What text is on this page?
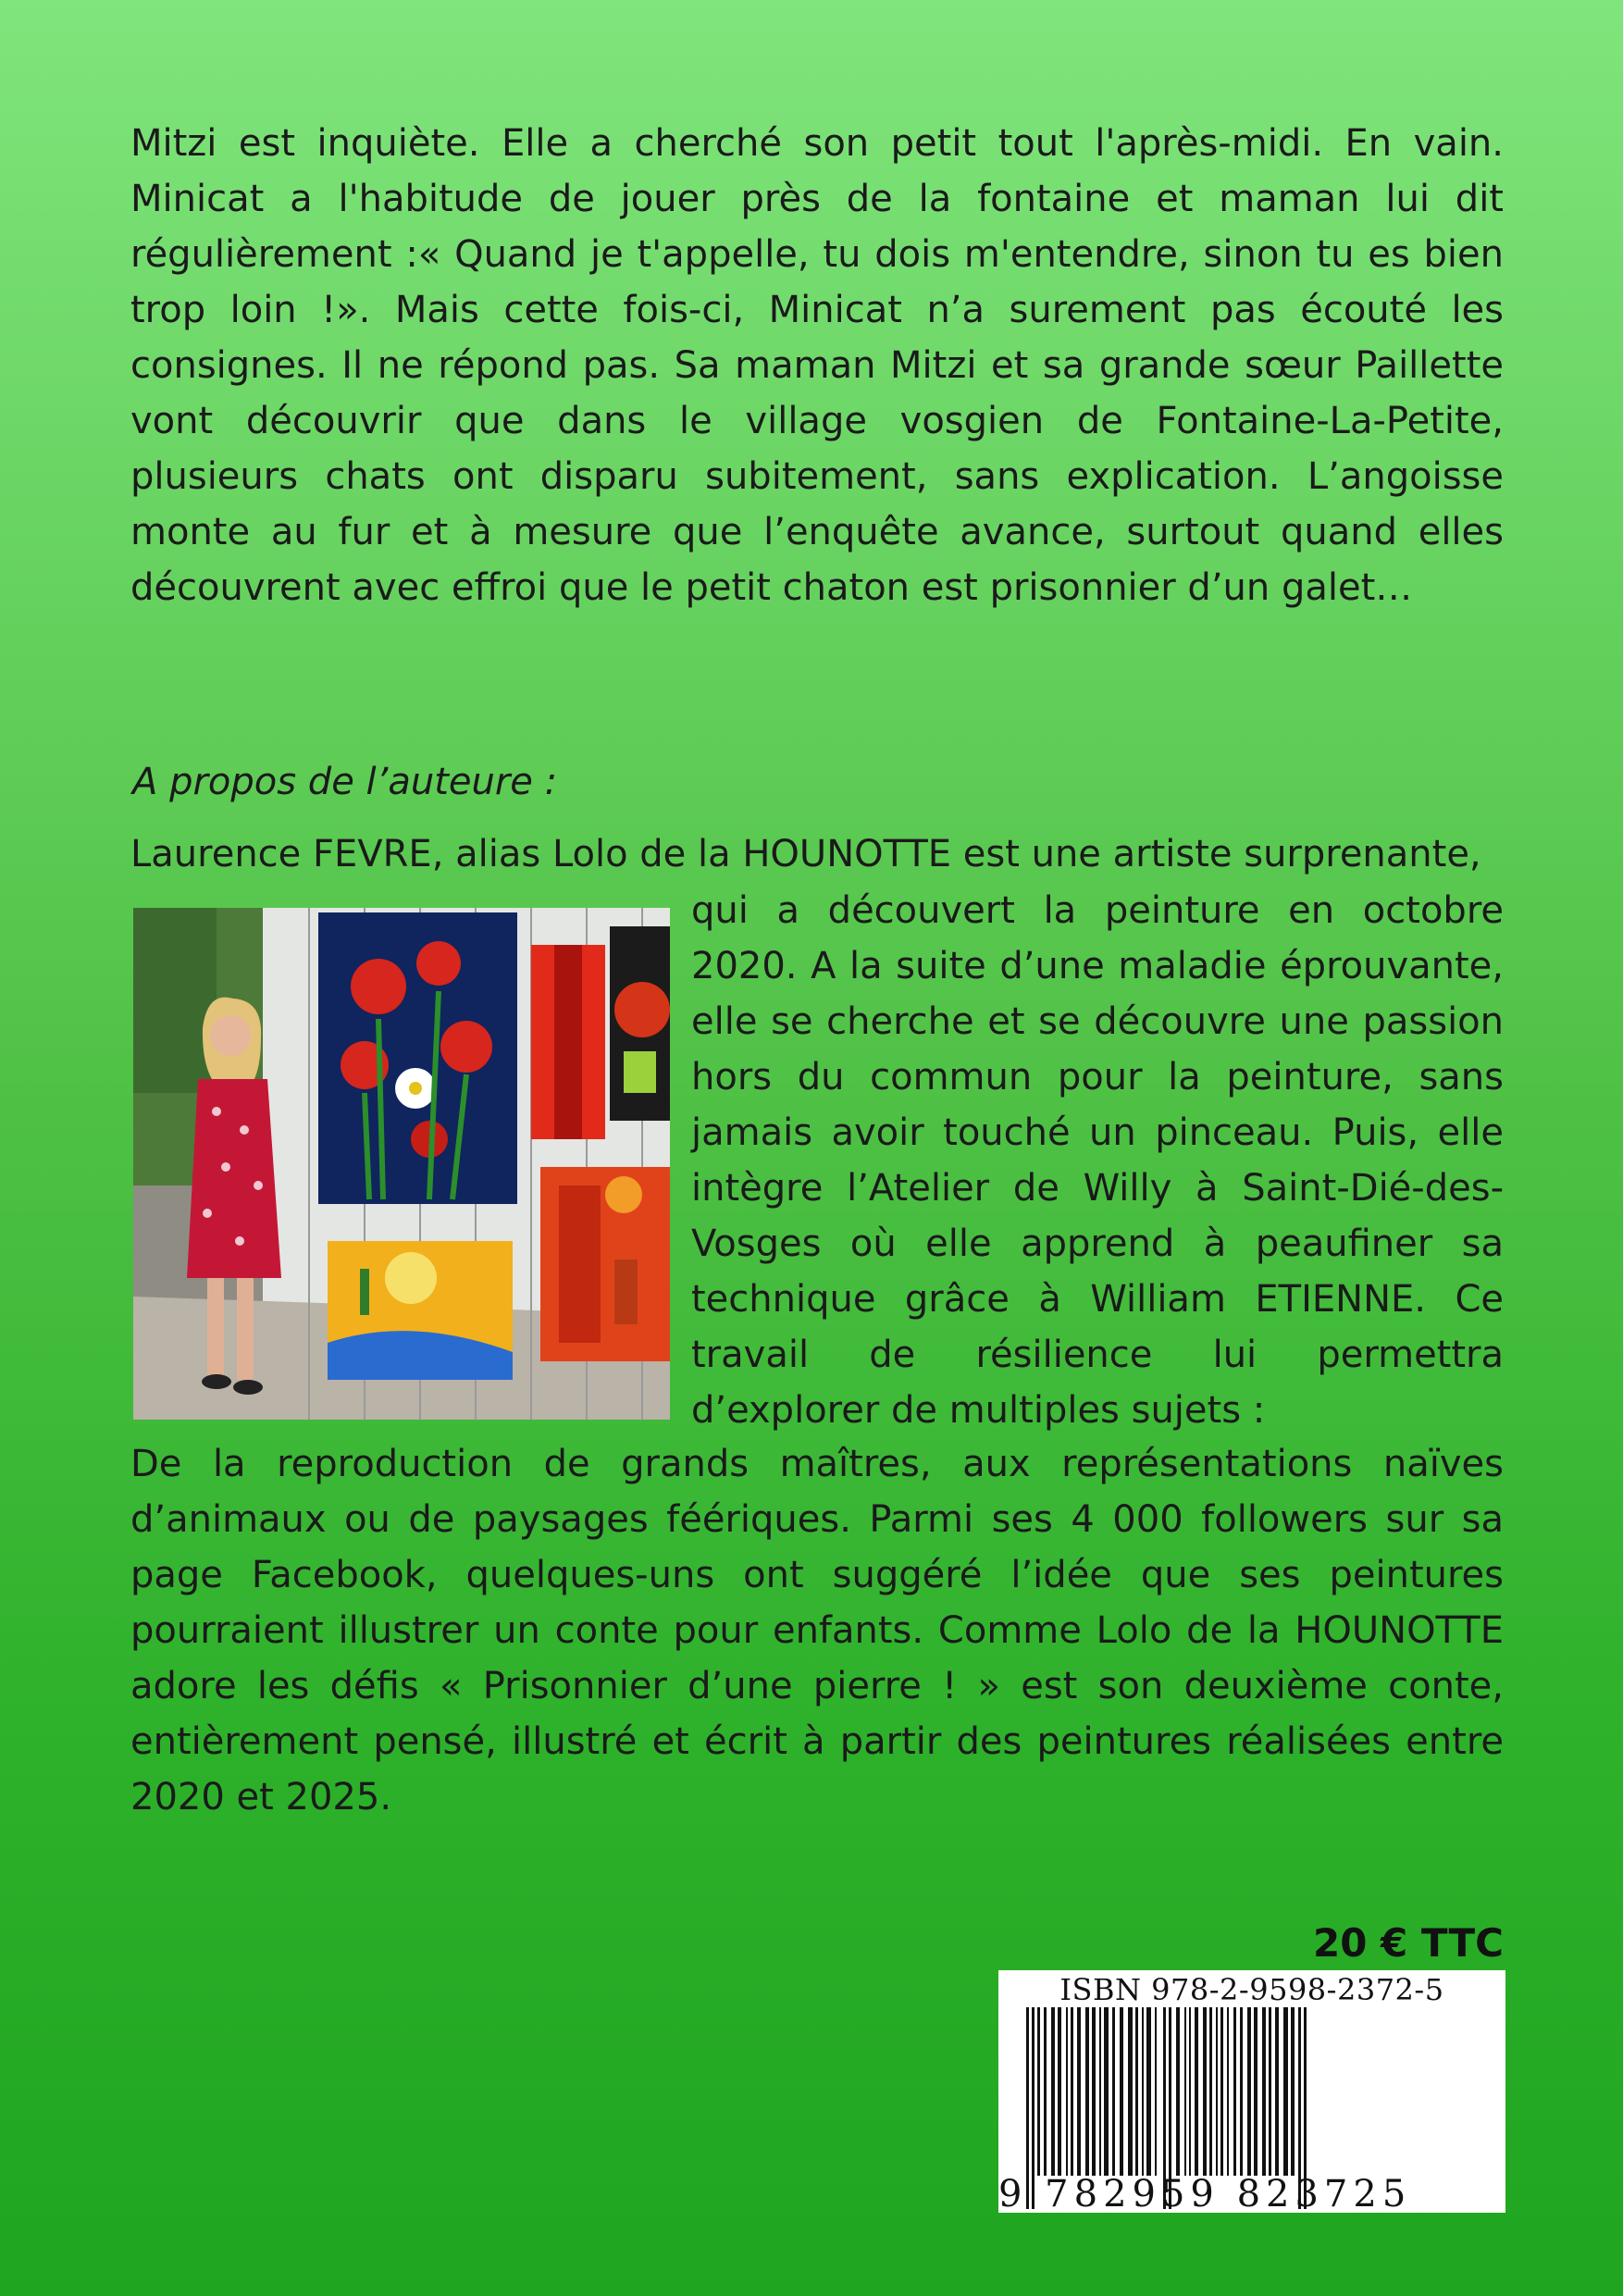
Mitzi est inquiète. Elle a cherché son petit tout l'après-midi. En vain. Minicat a l'habitude de jouer près de la fontaine et maman lui dit régulièrement :« Quand je t'appelle, tu dois m'entendre, sinon tu es bien trop loin !». Mais cette fois-ci, Minicat n’a surement pas écouté les consignes. Il ne répond pas. Sa maman Mitzi et sa grande sœur Paillette vont découvrir que dans le village vosgien de Fontaine-La-Petite, plusieurs chats ont disparu subitement, sans explication. L’angoisse monte au fur et à mesure que l’enquête avance, surtout quand elles découvrent avec effroi que le petit chaton est prisonnier d’un galet…

A propos de l’auteure :

Laurence FEVRE, alias Lolo de la HOUNOTTE est une artiste surprenante,

qui a découvert la peinture en octobre 2020. A la suite d’une maladie éprouvante, elle se cherche et se découvre une passion hors du commun pour la peinture, sans jamais avoir touché un pinceau. Puis, elle intègre l’Atelier de Willy à Saint-Dié-des-Vosges où elle apprend à peaufiner sa technique grâce à William ETIENNE. Ce travail de résilience lui permettra d’explorer de multiples sujets :

De la reproduction de grands maîtres, aux représentations naïves d’animaux ou de paysages féériques. Parmi ses 4 000 followers sur sa page Facebook, quelques-uns ont suggéré l’idée que ses peintures pourraient illustrer un conte pour enfants. Comme Lolo de la HOUNOTTE adore les défis « Prisonnier d’une pierre ! » est son deuxième conte, entièrement pensé, illustré et écrit à partir des peintures réalisées entre 2020 et 2025.

20 € TTC
ISBN 978-2-9598-2372-5
9 782959 823725
